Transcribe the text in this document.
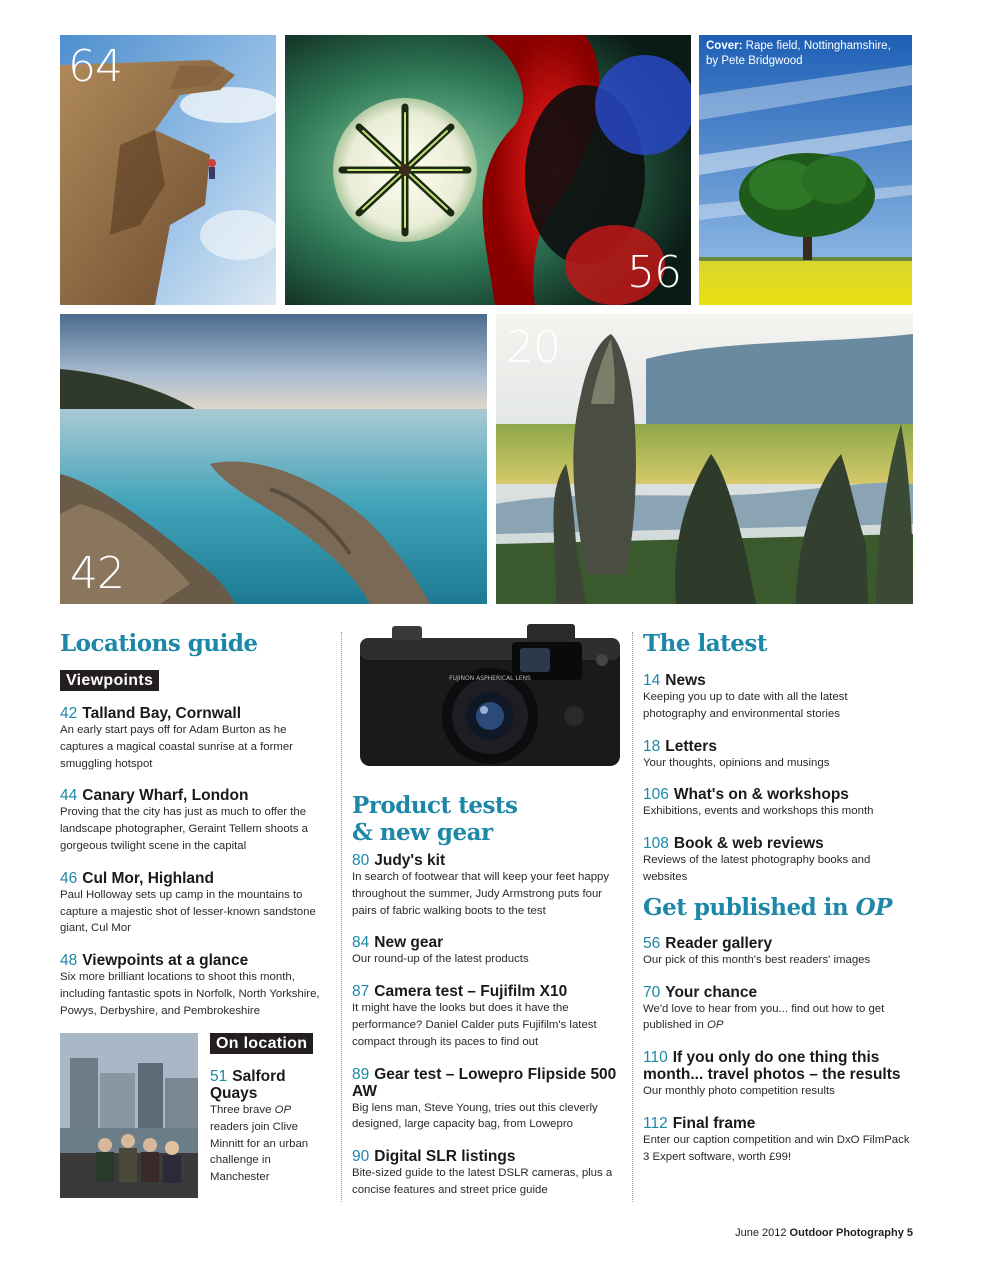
64
56
Cover: Rape field, Nottinghamshire, by Pete Bridgwood
42
20
Locations guide
Viewpoints
42 Talland Bay, Cornwall
An early start pays off for Adam Burton as he captures a magical coastal sunrise at a former smuggling hotspot
44 Canary Wharf, London
Proving that the city has just as much to offer the landscape photographer, Geraint Tellem shoots a gorgeous twilight scene in the capital
46 Cul Mor, Highland
Paul Holloway sets up camp in the mountains to capture a majestic shot of lesser-known sandstone giant, Cul Mor
48 Viewpoints at a glance
Six more brilliant locations to shoot this month, including fantastic spots in Norfolk, North Yorkshire, Powys, Derbyshire, and Pembrokeshire
On location
51 Salford Quays
Three brave OP readers join Clive Minnitt for an urban challenge in Manchester
FUJINON ASPHERICAL LENS
Product tests
& new gear
80 Judy's kit
In search of footwear that will keep your feet happy throughout the summer, Judy Armstrong puts four pairs of fabric walking boots to the test
84 New gear
Our round-up of the latest products
87 Camera test – Fujifilm X10
It might have the looks but does it have the performance? Daniel Calder puts Fujifilm's latest compact through its paces to find out
89 Gear test – Lowepro Flipside 500 AW
Big lens man, Steve Young, tries out this cleverly designed, large capacity bag, from Lowepro
90 Digital SLR listings
Bite-sized guide to the latest DSLR cameras, plus a concise features and street price guide
The latest
14 News
Keeping you up to date with all the latest photography and environmental stories
18 Letters
Your thoughts, opinions and musings
106 What's on & workshops
Exhibitions, events and workshops this month
108 Book & web reviews
Reviews of the latest photography books and websites
Get published in OP
56 Reader gallery
Our pick of this month's best readers' images
70 Your chance
We'd love to hear from you... find out how to get published in OP
110 If you only do one thing this month... travel photos – the results
Our monthly photo competition results
112 Final frame
Enter our caption competition and win DxO FilmPack 3 Expert software, worth £99!
June 2012 Outdoor Photography 5
